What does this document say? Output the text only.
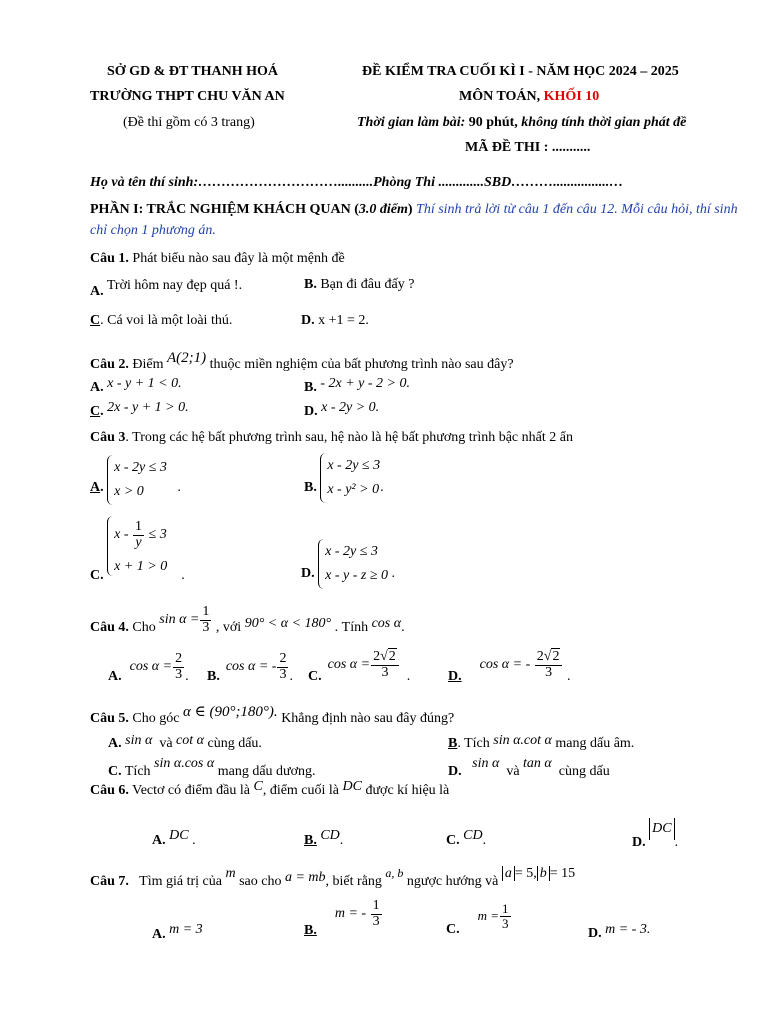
SỞ GD & ĐT THANH HOÁ
TRƯỜNG THPT CHU VĂN AN
(Đề thi gồm có 3 trang)
ĐỀ KIỂM TRA CUỐI KÌ I - NĂM HỌC 2024 – 2025
MÔN TOÁN, KHỐI 10
Thời gian làm bài: 90 phút, không tính thời gian phát đề
MÃ ĐỀ THI : ...........
Họ và tên thí sinh:…………………………..........Phòng Thi .............SBD………................…
PHẦN I: TRẮC NGHIỆM KHÁCH QUAN (3.0 điểm) Thí sinh trả lời từ câu 1 đến câu 12. Mỗi câu hỏi, thí sinh chỉ chọn 1 phương án.
Câu 1. Phát biểu nào sau đây là một mệnh đề
A. Trời hôm nay đẹp quá !.	B. Bạn đi đâu đấy ?
C. Cá voi là một loài thú.	D. x +1 = 2.
Câu 2. Điểm A(2;1) thuộc miền nghiệm của bất phương trình nào sau đây?
A. x - y + 1 < 0.	B. - 2x + y - 2 > 0.
C. 2x - y + 1 > 0.	D. x - 2y > 0.
Câu 3. Trong các hệ bất phương trình sau, hệ nào là hệ bất phương trình bậc nhất 2 ẩn
A. x - 2y ≤ 3
x > 0   .	B. x - 2y ≤ 3
x - y² > 0.
C.
x -
$\frac{1}{y}$
≤ 3

x + 1 > 0    .	D. x - 2y ≤ 3
x - y - z ≥ 0 .
Câu 4. Cho
$\sin \alpha = \frac{1}{3}$ , với 90° < α < 180° . Tính cos α.
A.
$\cos \alpha = \frac{2}{3}$ . B.
cos α = - $\frac{2}{3}$ . C.
$\cos \alpha = \frac{2√2}{3}$ .	D.
cos α = -
$\frac{2√2}{3}$ .
Câu 5. Cho góc α ∈ (90°;180°). Khẳng định nào sau đây đúng?
A. sin α và cot α cùng dấu.	B. Tích sin α.cot α mang dấu âm.
C. Tích sin α.cos α mang dấu dương.	D.   sin α  và tan α  cùng dấu
Câu 6. Vectơ có điểm đầu là C, điểm cuối là DC được kí hiệu là
A. DC .	B. CD.	C. CD.	D. DC.
Câu 7. Tìm giá trị của m sao cho a = mb, biết rằng a, b ngược hướng và a = 5, b = 15
A. m = 3	B.
m = -
$\frac{1}{3}$
C.
$m = \frac{1}{3}$
D. m = - 3.
